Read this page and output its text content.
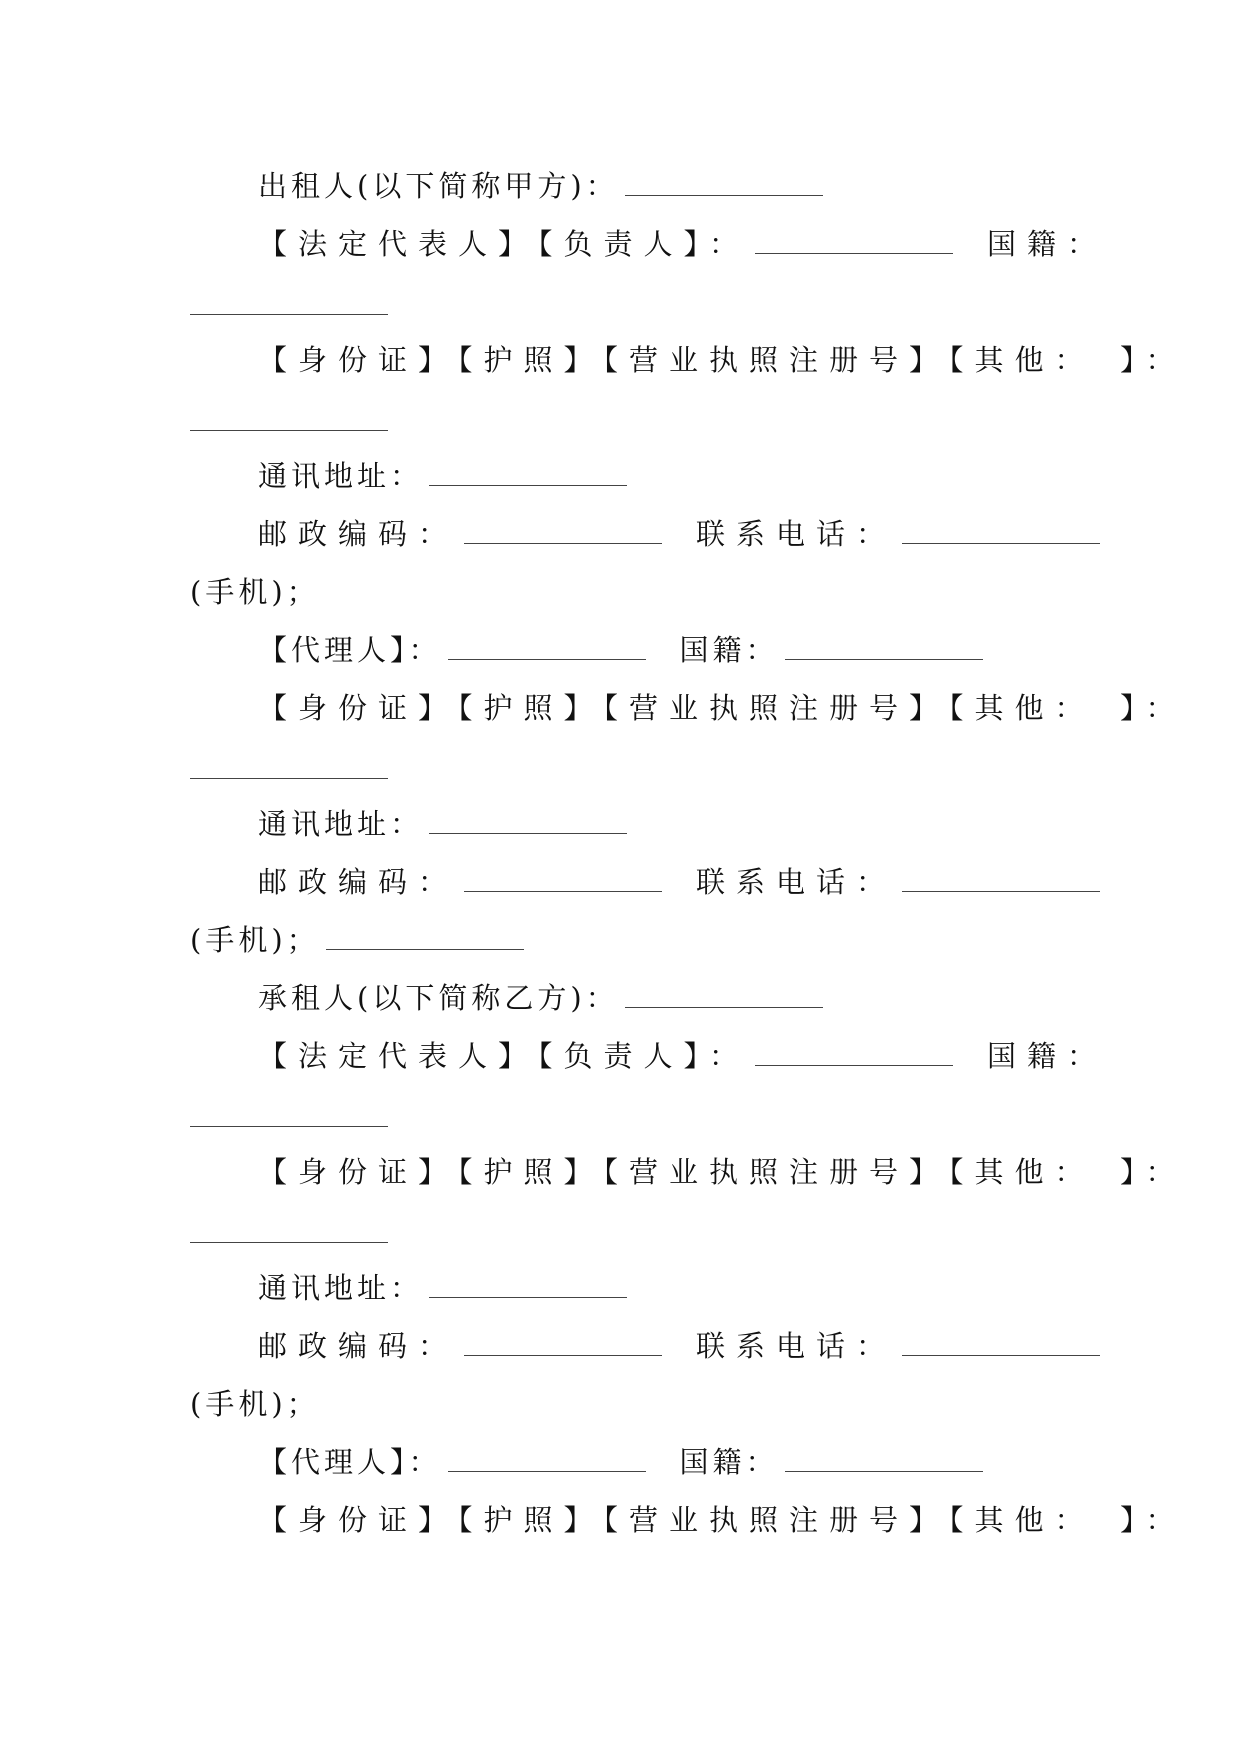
出租人(以下简称甲方)：
【法定代表人】【负责人】：	国籍：
【身份证】【护照】【营业执照注册号】【其他：　】：
通讯地址：
邮政编码：	联系电话：
(手机)；
【代理人】：	国籍：
【身份证】【护照】【营业执照注册号】【其他：　】：
通讯地址：
邮政编码：	联系电话：
(手机)；
承租人(以下简称乙方)：
【法定代表人】【负责人】：	国籍：
【身份证】【护照】【营业执照注册号】【其他：　】：
通讯地址：
邮政编码：	联系电话：
(手机)；
【代理人】：	国籍：
【身份证】【护照】【营业执照注册号】【其他：　】：
